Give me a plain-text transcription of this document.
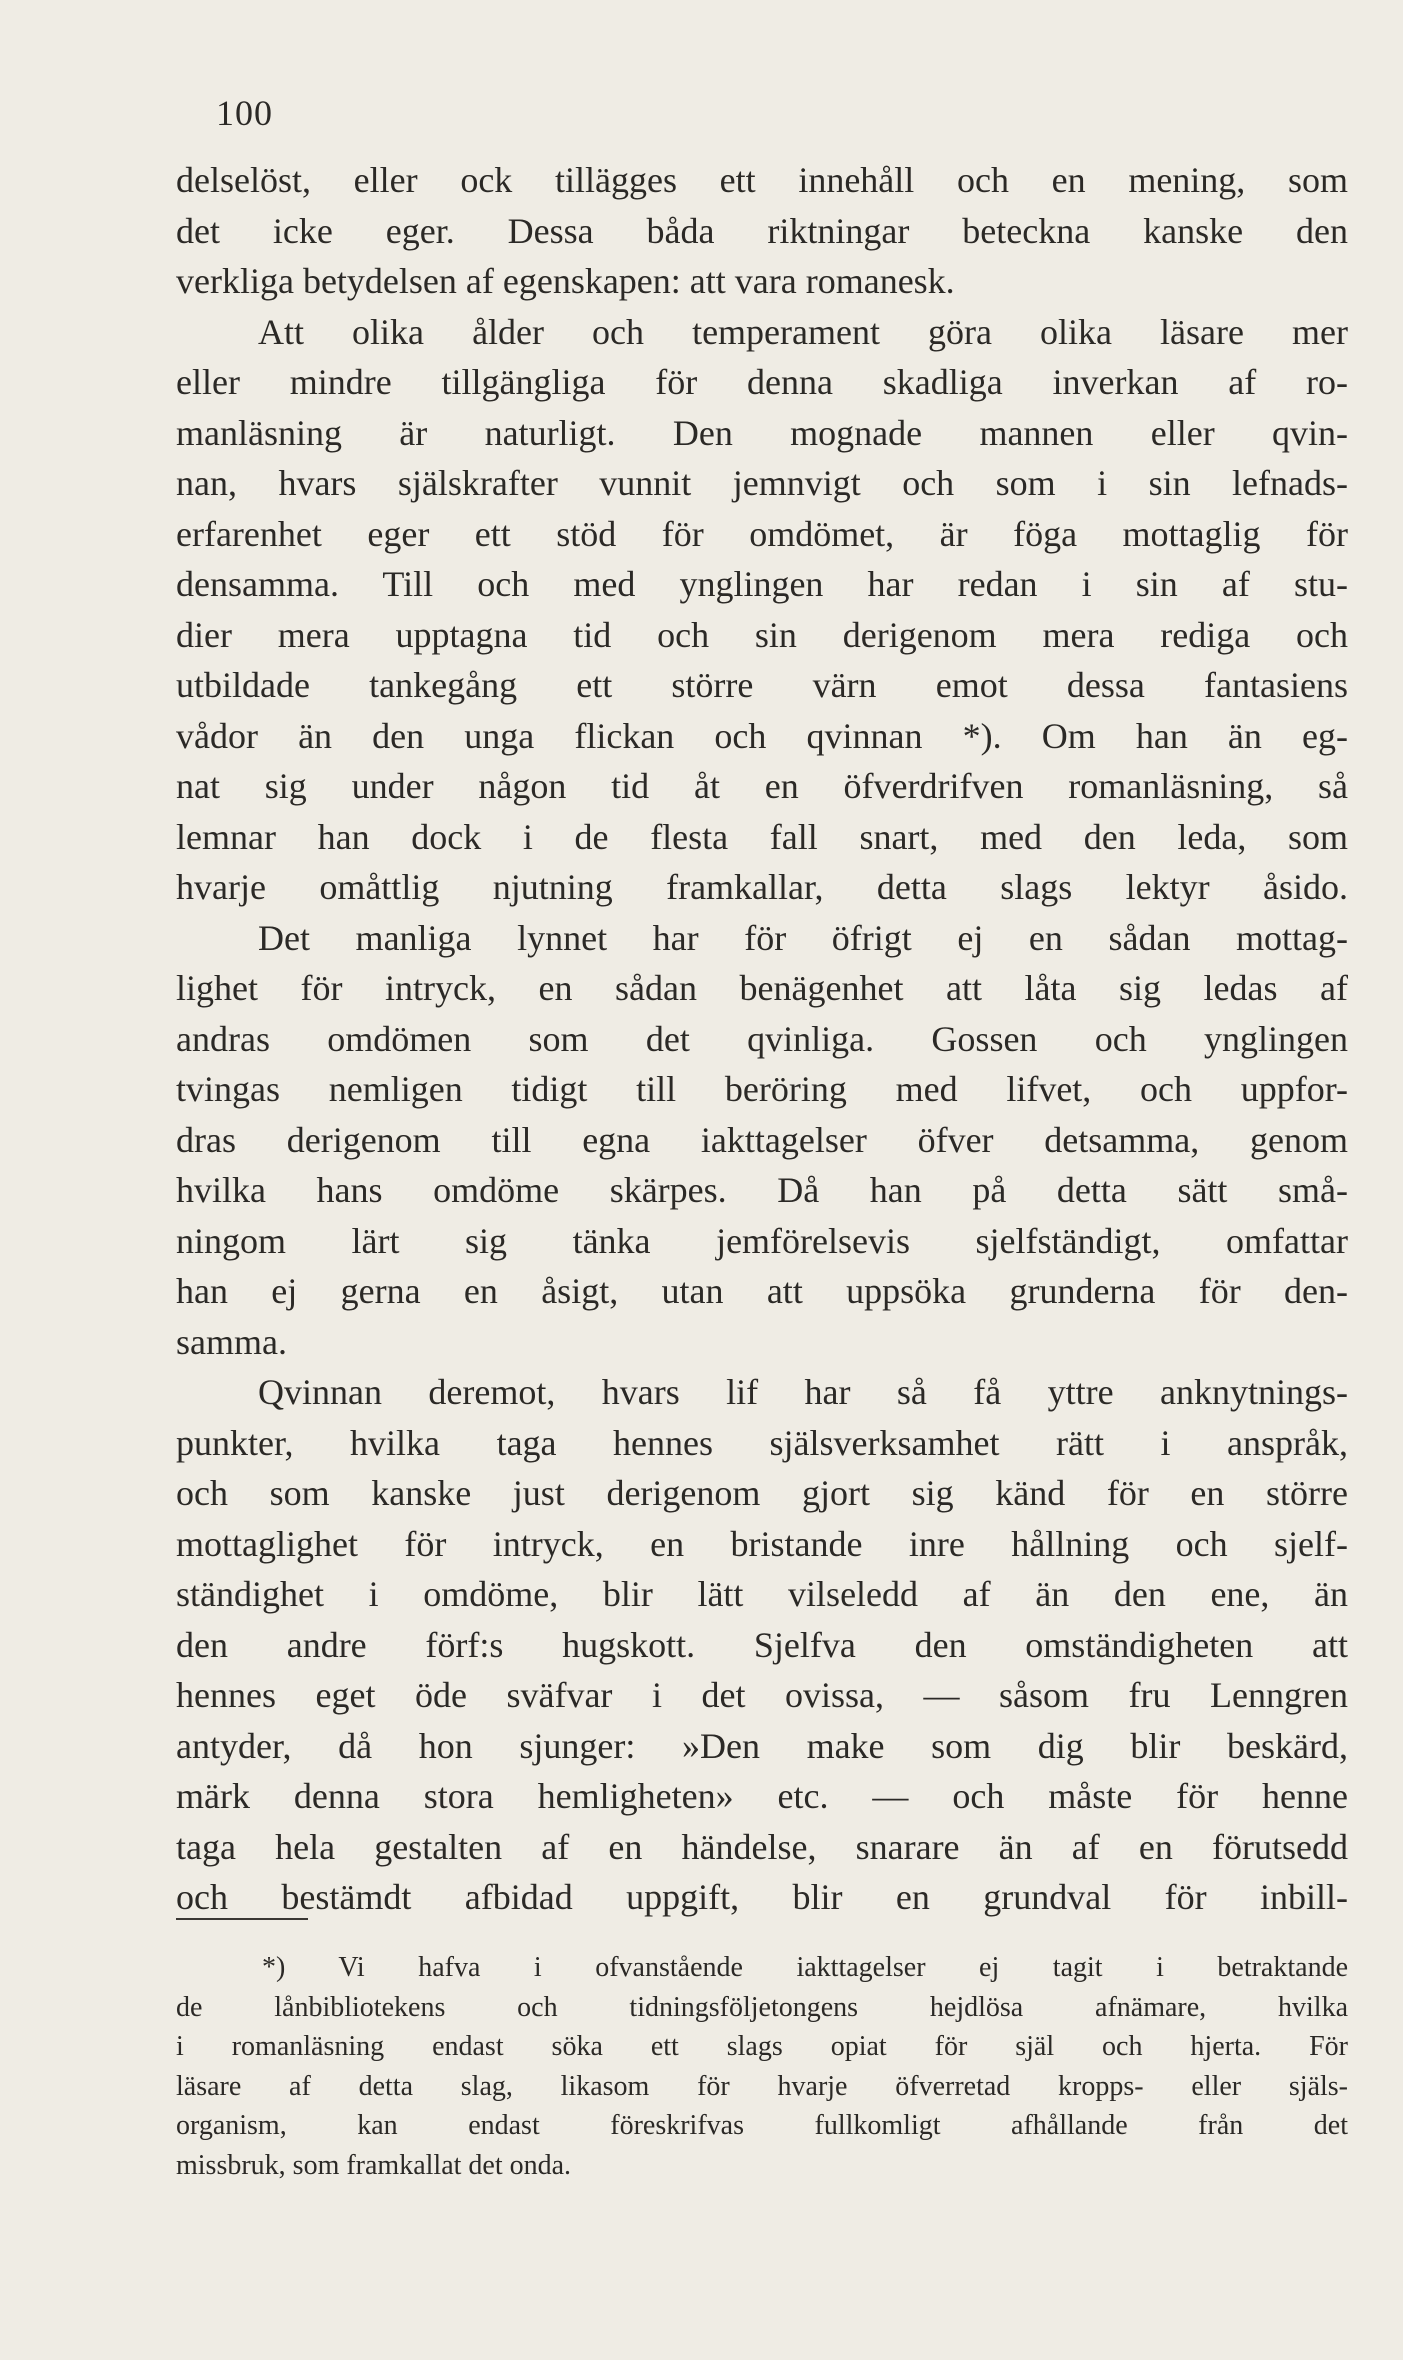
100
delselöst, eller ock tillägges ett innehåll och en mening, som
det icke eger. Dessa båda riktningar beteckna kanske den
verkliga betydelsen af egenskapen: att vara romanesk.
Att olika ålder och temperament göra olika läsare mer
eller mindre tillgängliga för denna skadliga inverkan af ro-
manläsning är naturligt. Den mognade mannen eller qvin-
nan, hvars själskrafter vunnit jemnvigt och som i sin lefnads-
erfarenhet eger ett stöd för omdömet, är föga mottaglig för
densamma. Till och med ynglingen har redan i sin af stu-
dier mera upptagna tid och sin derigenom mera rediga och
utbildade tankegång ett större värn emot dessa fantasiens
vådor än den unga flickan och qvinnan *). Om han än eg-
nat sig under någon tid åt en öfverdrifven romanläsning, så
lemnar han dock i de flesta fall snart, med den leda, som
hvarje omåttlig njutning framkallar, detta slags lektyr åsido.
Det manliga lynnet har för öfrigt ej en sådan mottag-
lighet för intryck, en sådan benägenhet att låta sig ledas af
andras omdömen som det qvinliga. Gossen och ynglingen
tvingas nemligen tidigt till beröring med lifvet, och uppfor-
dras derigenom till egna iakttagelser öfver detsamma, genom
hvilka hans omdöme skärpes. Då han på detta sätt små-
ningom lärt sig tänka jemförelsevis sjelfständigt, omfattar
han ej gerna en åsigt, utan att uppsöka grunderna för den-
samma.
Qvinnan deremot, hvars lif har så få yttre anknytnings-
punkter, hvilka taga hennes själsverksamhet rätt i anspråk,
och som kanske just derigenom gjort sig känd för en större
mottaglighet för intryck, en bristande inre hållning och sjelf-
ständighet i omdöme, blir lätt vilseledd af än den ene, än
den andre förf:s hugskott. Sjelfva den omständigheten att
hennes eget öde sväfvar i det ovissa, — såsom fru Lenngren
antyder, då hon sjunger: »Den make som dig blir beskärd,
märk denna stora hemligheten» etc. — och måste för henne
taga hela gestalten af en händelse, snarare än af en förutsedd
och bestämdt afbidad uppgift, blir en grundval för inbill-
*) Vi hafva i ofvanstående iakttagelser ej tagit i betraktande
de lånbibliotekens och tidningsföljetongens hejdlösa afnämare, hvilka
i romanläsning endast söka ett slags opiat för själ och hjerta. För
läsare af detta slag, likasom för hvarje öfverretad kropps- eller själs-
organism, kan endast föreskrifvas fullkomligt afhållande från det
missbruk, som framkallat det onda.
